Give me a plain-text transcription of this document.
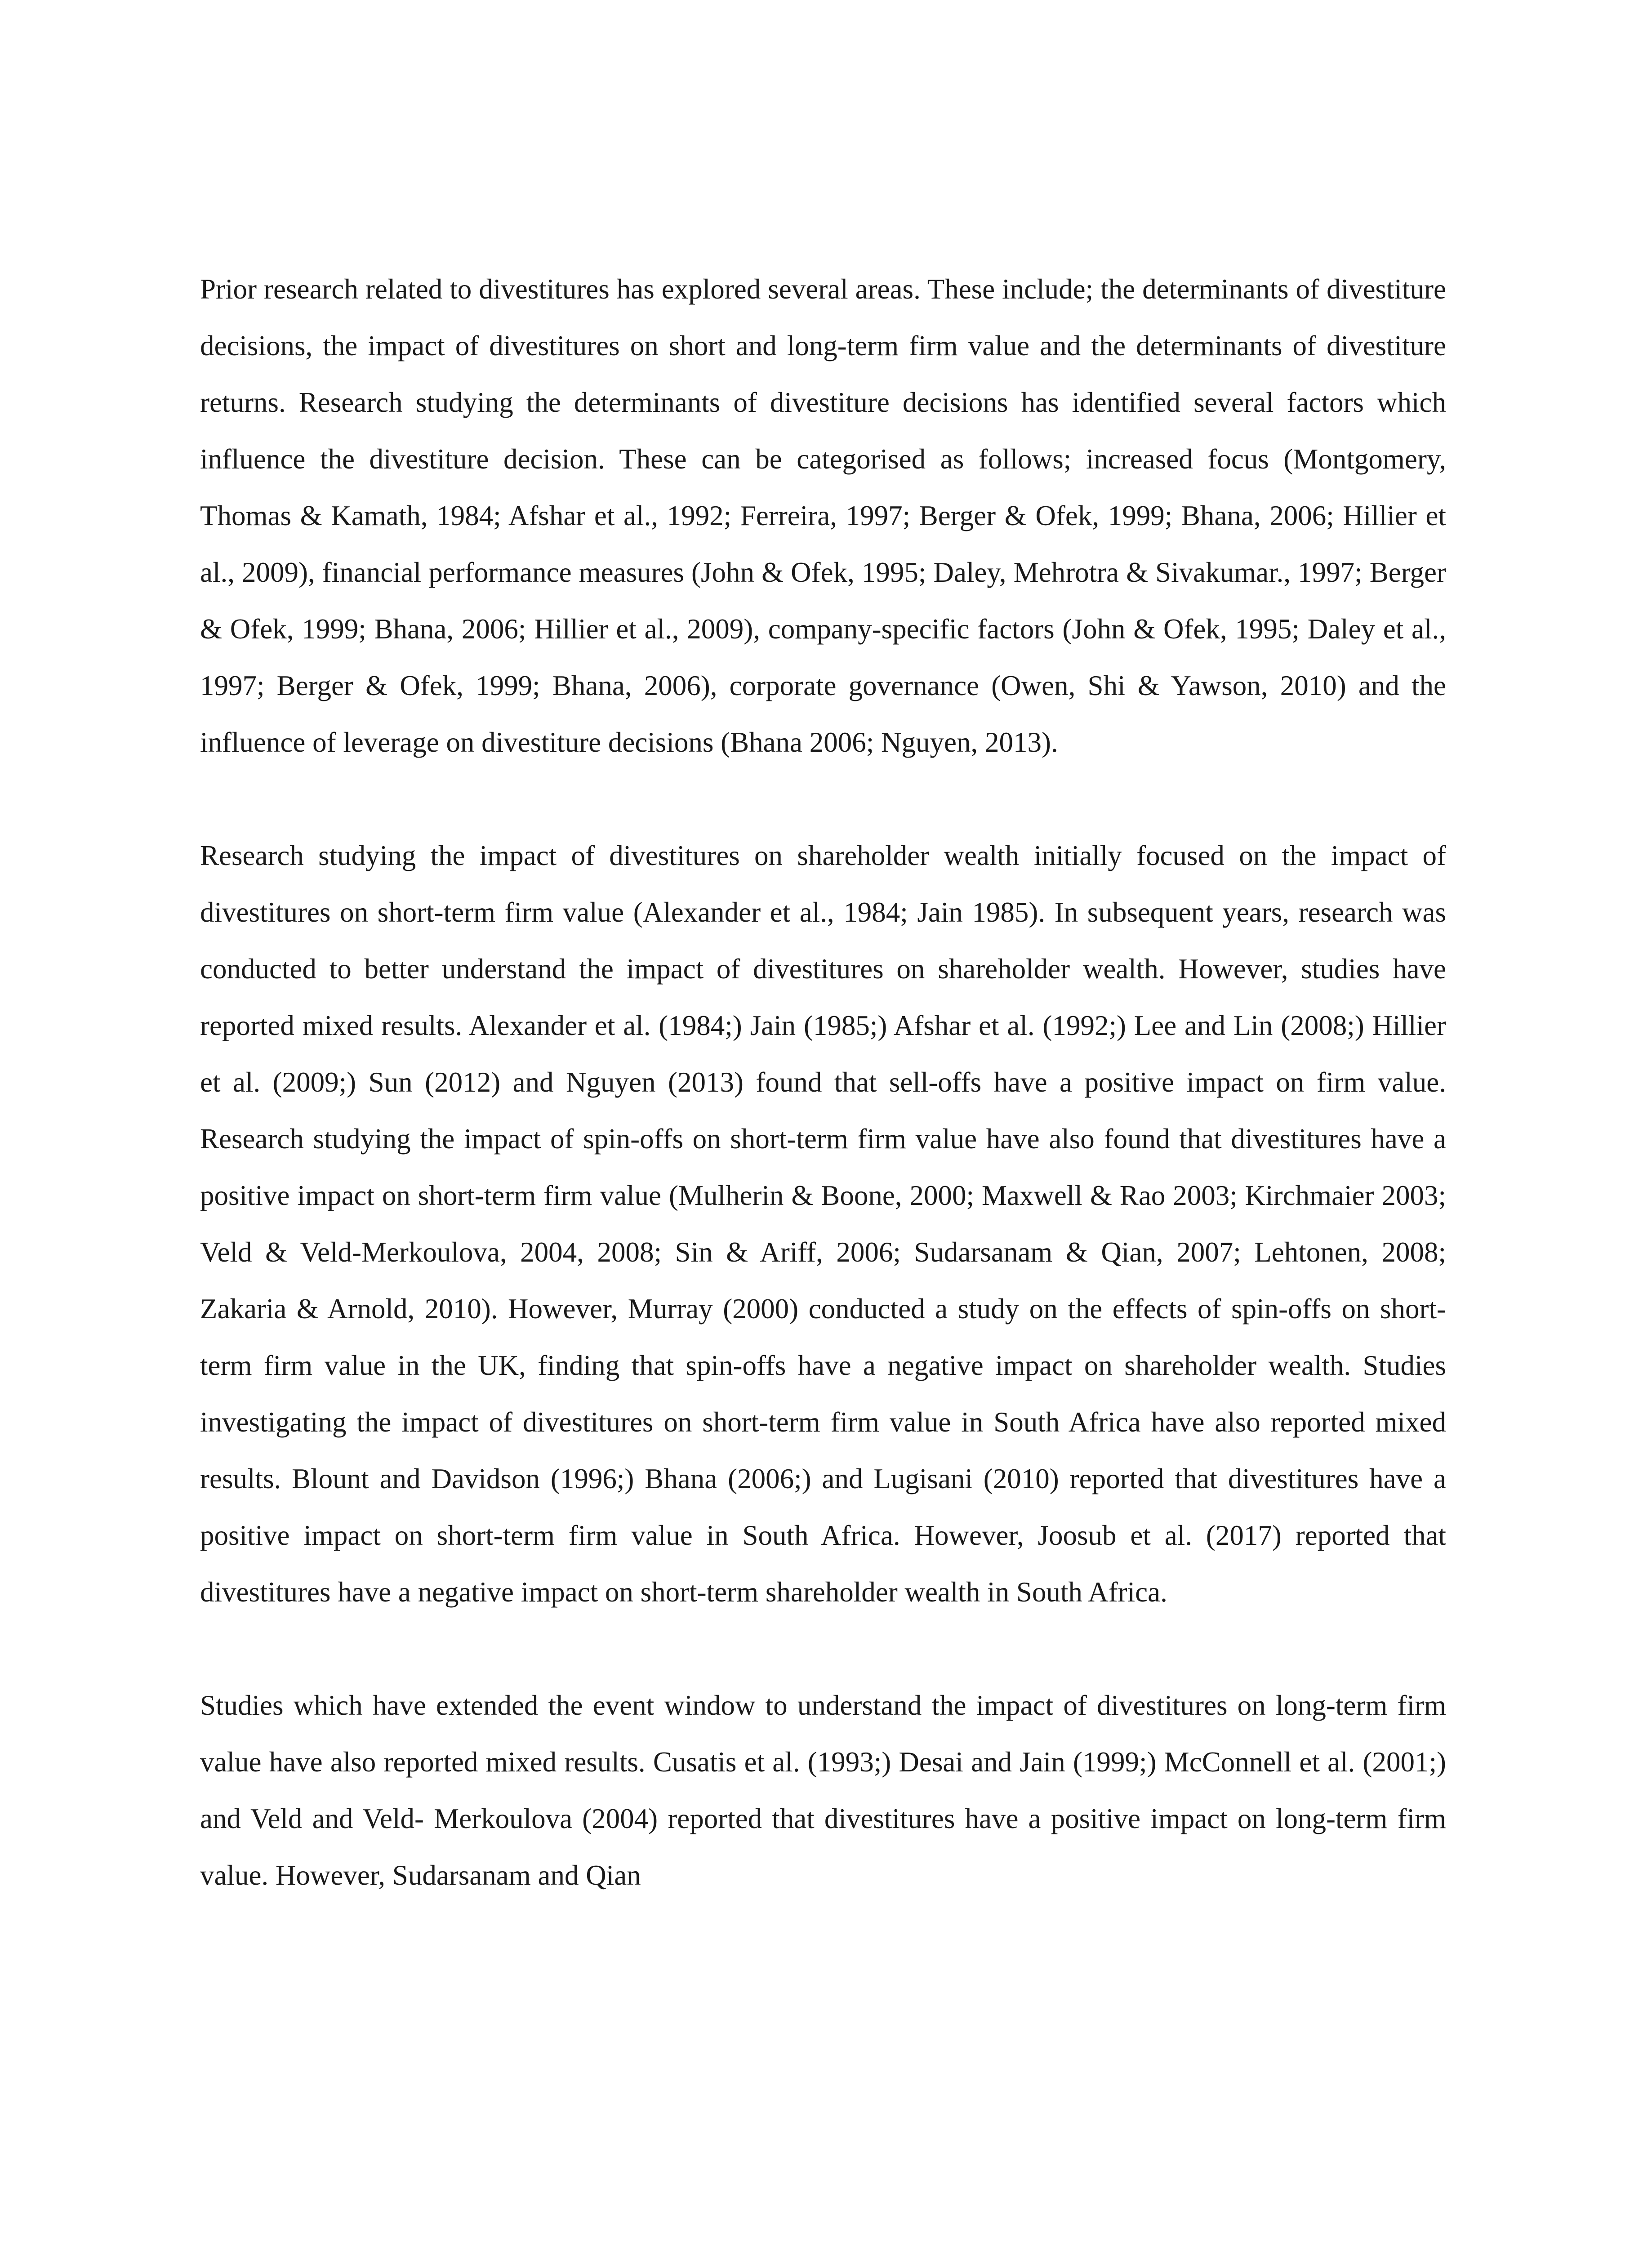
Prior research related to divestitures has explored several areas. These include; the determinants of divestiture decisions, the impact of divestitures on short and long-term firm value and the determinants of divestiture returns. Research studying the determinants of divestiture decisions has identified several factors which influence the divestiture decision. These can be categorised as follows; increased focus (Montgomery, Thomas & Kamath, 1984; Afshar et al., 1992; Ferreira, 1997; Berger & Ofek, 1999; Bhana, 2006; Hillier et al., 2009), financial performance measures (John & Ofek, 1995; Daley, Mehrotra & Sivakumar., 1997; Berger & Ofek, 1999; Bhana, 2006; Hillier et al., 2009), company-specific factors (John & Ofek, 1995; Daley et al., 1997; Berger & Ofek, 1999; Bhana, 2006), corporate governance (Owen, Shi & Yawson, 2010) and the influence of leverage on divestiture decisions (Bhana 2006; Nguyen, 2013).

Research studying the impact of divestitures on shareholder wealth initially focused on the impact of divestitures on short-term firm value (Alexander et al., 1984; Jain 1985). In subsequent years, research was conducted to better understand the impact of divestitures on shareholder wealth. However, studies have reported mixed results. Alexander et al. (1984;) Jain (1985;) Afshar et al. (1992;) Lee and Lin (2008;) Hillier et al. (2009;) Sun (2012) and Nguyen (2013) found that sell-offs have a positive impact on firm value. Research studying the impact of spin-offs on short-term firm value have also found that divestitures have a positive impact on short-term firm value (Mulherin & Boone, 2000; Maxwell & Rao 2003; Kirchmaier 2003; Veld & Veld-Merkoulova, 2004, 2008; Sin & Ariff, 2006; Sudarsanam & Qian, 2007; Lehtonen, 2008; Zakaria & Arnold, 2010). However, Murray (2000) conducted a study on the effects of spin-offs on short-term firm value in the UK, finding that spin-offs have a negative impact on shareholder wealth. Studies investigating the impact of divestitures on short-term firm value in South Africa have also reported mixed results. Blount and Davidson (1996;) Bhana (2006;) and Lugisani (2010) reported that divestitures have a positive impact on short-term firm value in South Africa. However, Joosub et al. (2017) reported that divestitures have a negative impact on short-term shareholder wealth in South Africa.

Studies which have extended the event window to understand the impact of divestitures on long-term firm value have also reported mixed results. Cusatis et al. (1993;) Desai and Jain (1999;) McConnell et al. (2001;) and Veld and Veld- Merkoulova (2004) reported that divestitures have a positive impact on long-term firm value. However, Sudarsanam and Qian
